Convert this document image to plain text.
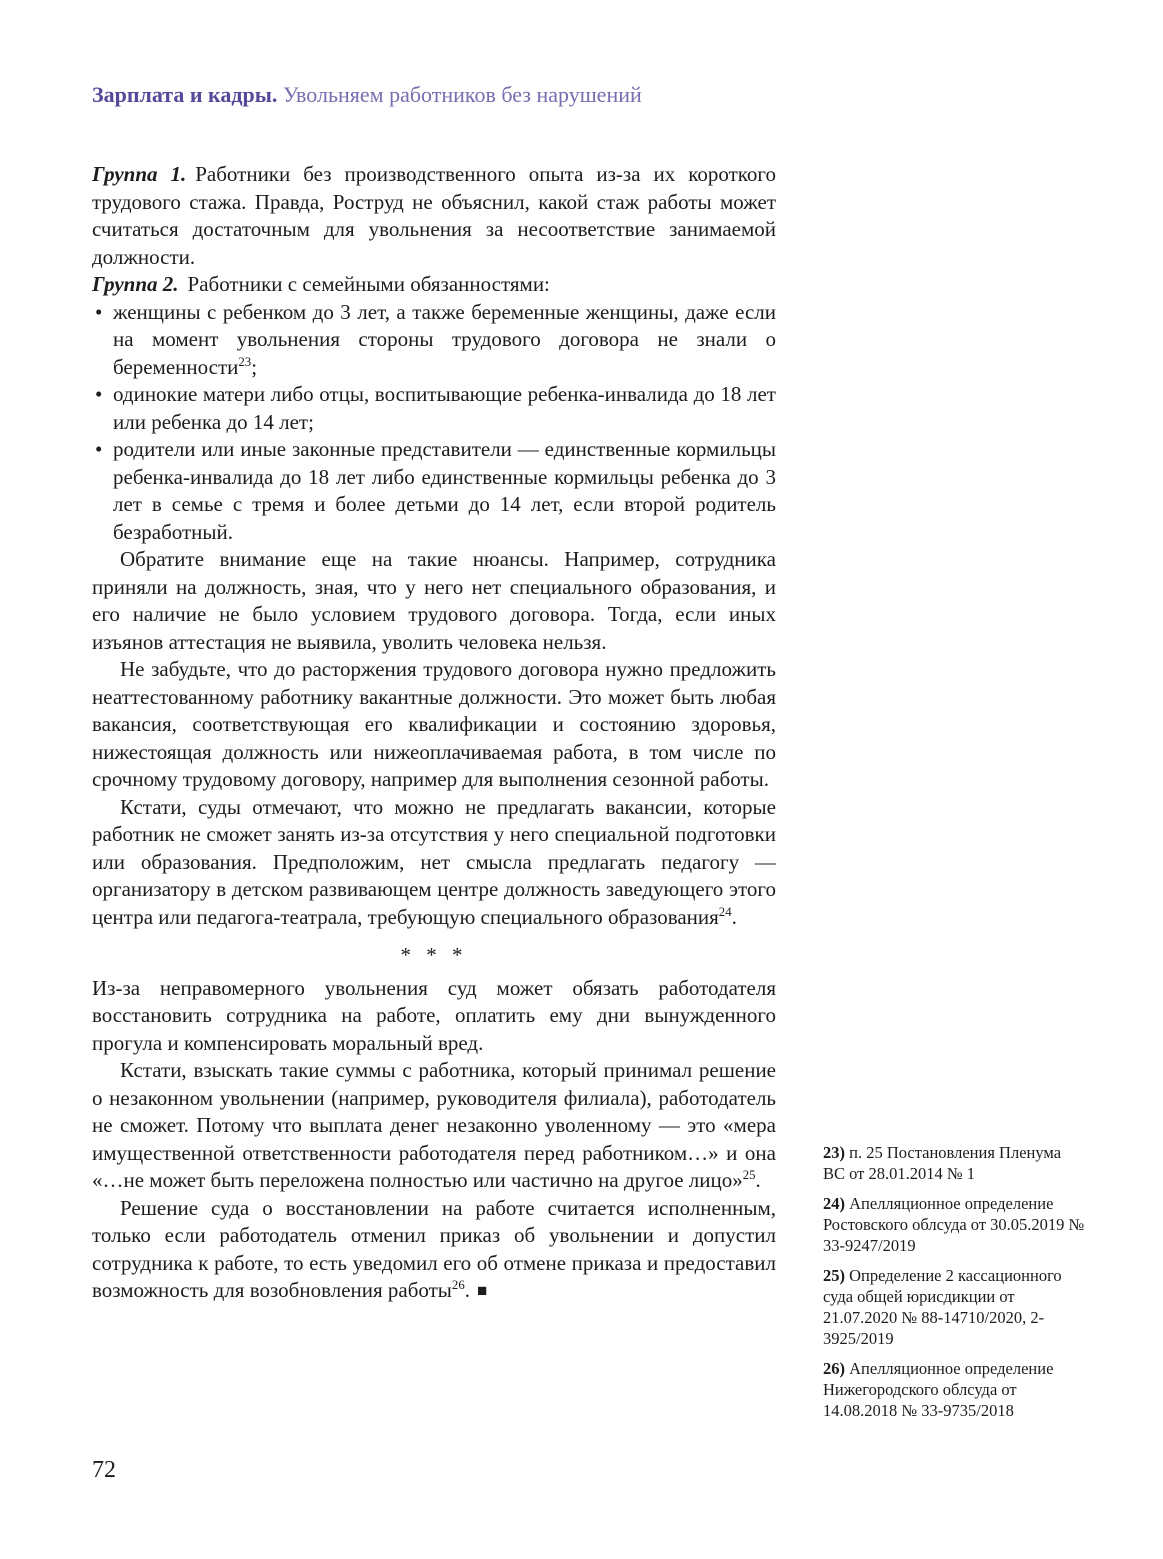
Зарплата и кадры. Увольняем работников без нарушений

Группа 1. Работники без производственного опыта из-за их короткого трудового стажа. Правда, Роструд не объяснил, какой стаж работы может считаться достаточным для увольнения за несоответствие занимаемой должности.

Группа 2. Работники с семейными обязанностями:

• женщины с ребенком до 3 лет, а также беременные женщины, даже если на момент увольнения стороны трудового договора не знали о беременности$^{23}$;
• одинокие матери либо отцы, воспитывающие ребенка-инвалида до 18 лет или ребенка до 14 лет;
• родители или иные законные представители — единственные кормильцы ребенка-инвалида до 18 лет либо единственные кормильцы ребенка до 3 лет в семье с тремя и более детьми до 14 лет, если второй родитель безработный.

Обратите внимание еще на такие нюансы. Например, сотрудника приняли на должность, зная, что у него нет специального образования, и его наличие не было условием трудового договора. Тогда, если иных изъянов аттестация не выявила, уволить человека нельзя.

Не забудьте, что до расторжения трудового договора нужно предложить неаттестованному работнику вакантные должности. Это может быть любая вакансия, соответствующая его квалификации и состоянию здоровья, нижестоящая должность или нижеоплачиваемая работа, в том числе по срочному трудовому договору, например для выполнения сезонной работы.

Кстати, суды отмечают, что можно не предлагать вакансии, которые работник не сможет занять из-за отсутствия у него специальной подготовки или образования. Предположим, нет смысла предлагать педагогу — организатору в детском развивающем центре должность заведующего этого центра или педагога-театрала, требующую специального образования$^{24}$.

* * *

Из-за неправомерного увольнения суд может обязать работодателя восстановить сотрудника на работе, оплатить ему дни вынужденного прогула и компенсировать моральный вред.

Кстати, взыскать такие суммы с работника, который принимал решение о незаконном увольнении (например, руководителя филиала), работодатель не сможет. Потому что выплата денег незаконно уволенному — это «мера имущественной ответственности работодателя перед работником…» и она «…не может быть переложена полностью или частично на другое лицо»$^{25}$.

Решение суда о восстановлении на работе считается исполненным, только если работодатель отменил приказ об увольнении и допустил сотрудника к работе, то есть уведомил его об отмене приказа и предоставил возможность для возобновления работы$^{26}$. ■

23) п. 25 Постановления Пленума ВС от 28.01.2014 № 1
24) Апелляционное определение Ростовского облсуда от 30.05.2019 № 33-9247/2019
25) Определение 2 кассационного суда общей юрисдикции от 21.07.2020 № 88-14710/2020, 2-3925/2019
26) Апелляционное определение Нижегородского облсуда от 14.08.2018 № 33-9735/2018
72
